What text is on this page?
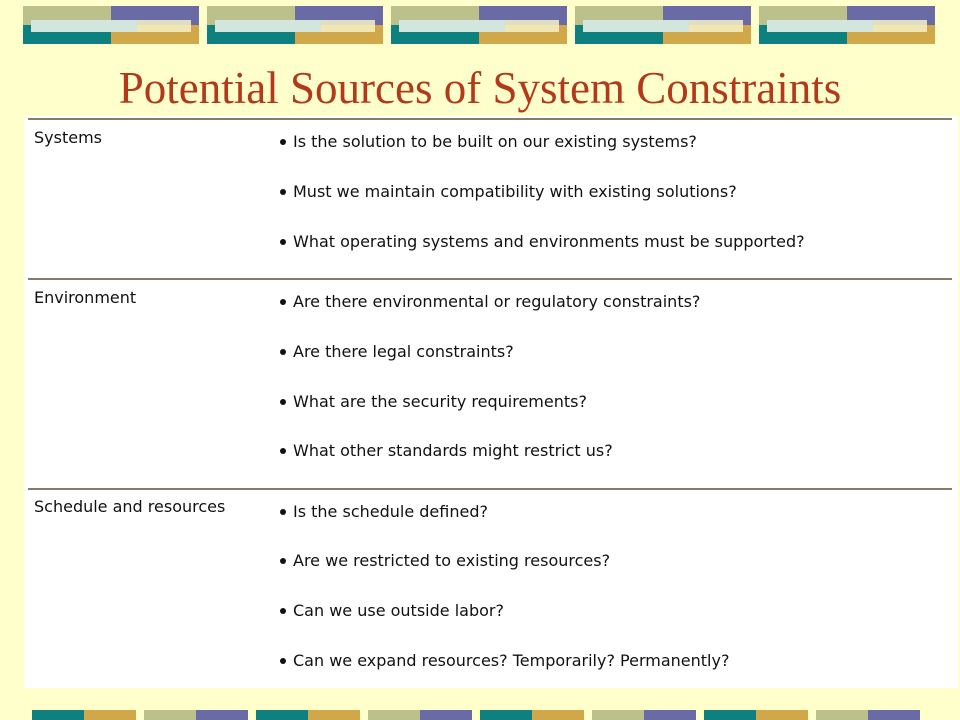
Potential Sources of System Constraints
Systems	Is the solution to be built on our existing systems?
Must we maintain compatibility with existing solutions?
What operating systems and environments must be supported?
Environment	Are there environmental or regulatory constraints?
Are there legal constraints?
What are the security requirements?
What other standards might restrict us?
Schedule and resources	Is the schedule defined?
Are we restricted to existing resources?
Can we use outside labor?
Can we expand resources? Temporarily? Permanently?
